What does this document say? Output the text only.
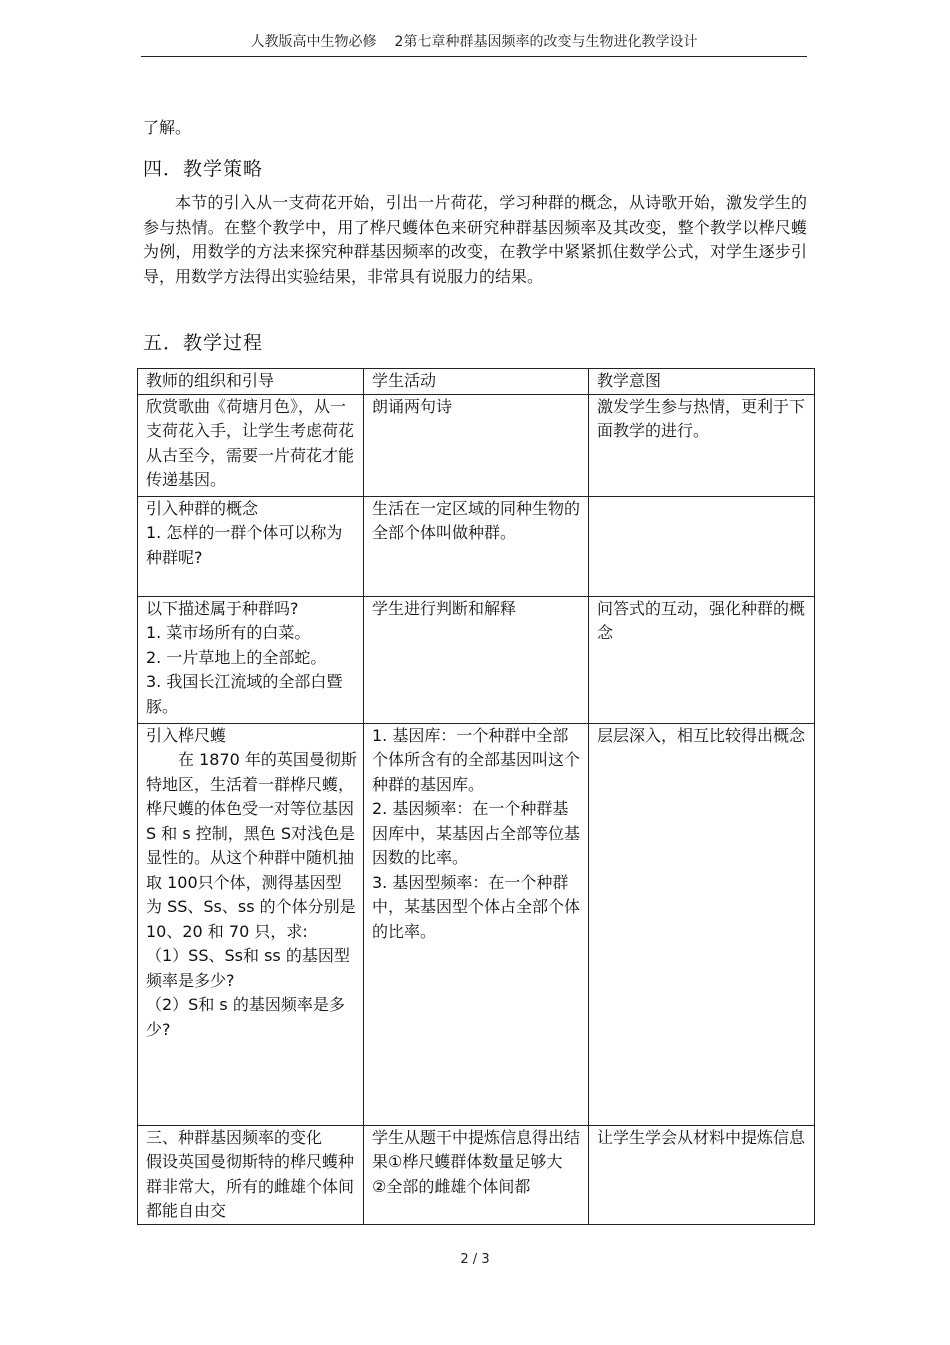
人教版高中生物必修 2第七章种群基因频率的改变与生物进化教学设计
了解。
四．教学策略

本节的引入从一支荷花开始，引出一片荷花，学习种群的概念，从诗歌开始，激发学生的参与热情。在整个教学中，用了桦尺蠖体色来研究种群基因频率及其改变，整个教学以桦尺蠖为例，用数学的方法来探究种群基因频率的改变，在教学中紧紧抓住数学公式，对学生逐步引导，用数学方法得出实验结果，非常具有说服力的结果。

五．教学过程
教师的组织和引导	学生活动	教学意图

欣赏歌曲《荷塘月色》，从一支荷花入手，让学生考虑荷花从古至今，需要一片荷花才能传递基因。	朗诵两句诗	激发学生参与热情，更利于下面教学的进行。

引入种群的概念
1. 怎样的一群个体可以称为种群呢?	生活在一定区域的同种生物的全部个体叫做种群。	

以下描述属于种群吗?
1. 菜市场所有的白菜。
2. 一片草地上的全部蛇。
3. 我国长江流域的全部白暨豚。	学生进行判断和解释	问答式的互动，强化种群的概念

引入桦尺蠖
在 1870 年的英国曼彻斯特地区，生活着一群桦尺蠖，桦尺蠖的体色受一对等位基因 S 和 s 控制，黑色 S对浅色是显性的。从这个种群中随机抽取 100只个体，测得基因型为 SS、Ss、ss 的个体分别是 10、20 和 70 只，求:
（1）SS、Ss和 ss 的基因型频率是多少?
（2）S和 s 的基因频率是多少?	1. 基因库：一个种群中全部个体所含有的全部基因叫这个种群的基因库。
2. 基因频率：在一个种群基因库中，某基因占全部等位基因数的比率。
3. 基因型频率：在一个种群中，某基因型个体占全部个体的比率。	层层深入，相互比较得出概念

三、种群基因频率的变化
假设英国曼彻斯特的桦尺蠖种群非常大，所有的雌雄个体间都能自由交	学生从题干中提炼信息得出结果①桦尺蠖群体数量足够大
②全部的雌雄个体间都	让学生学会从材料中提炼信息
2 / 3
